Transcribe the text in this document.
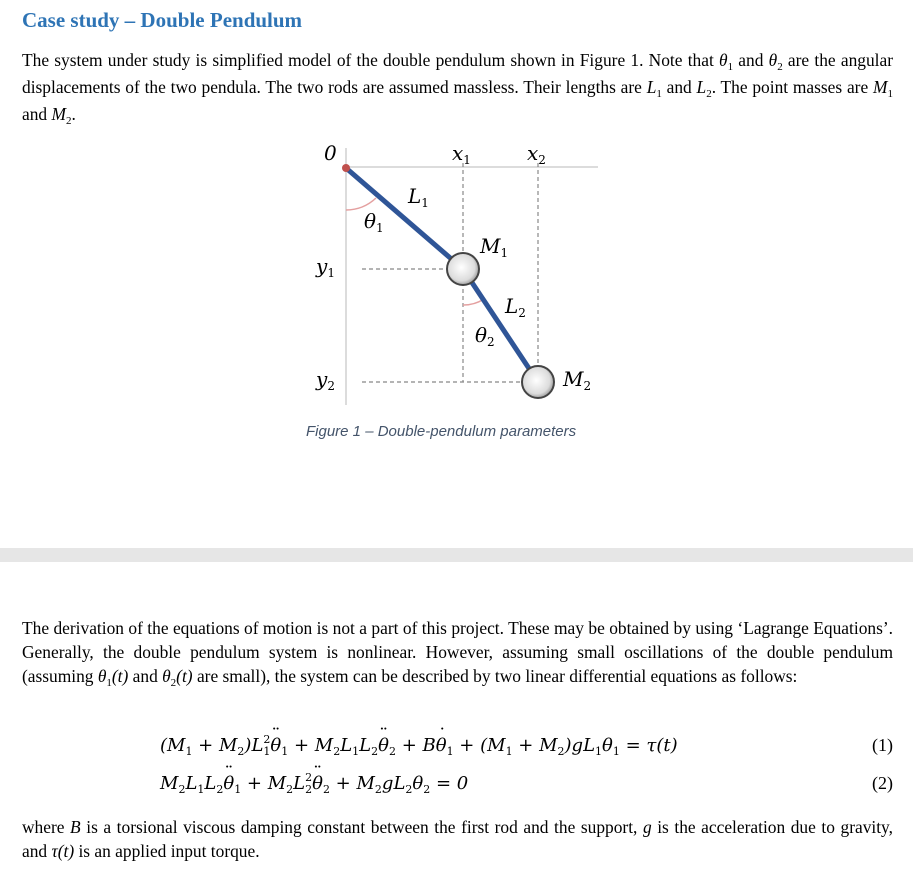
Case study – Double Pendulum

The system under study is simplified model of the double pendulum shown in Figure 1. Note that $\theta_1$ and $\theta_2$ are the angular displacements of the two pendula. The two rods are assumed massless. Their lengths are $L_1$ and $L_2$. The point masses are $M_1$ and $M_2$.

0	$x_1$	$x_2$
$L_1$
$\theta_1$
$M_1$
$y_1$
$L_2$
$\theta_2$
$y_2$	$M_2$
Figure 1 – Double-pendulum parameters

The derivation of the equations of motion is not a part of this project. These may be obtained by using ‘Lagrange Equations’. Generally, the double pendulum system is nonlinear. However, assuming small oscillations of the double pendulum (assuming $\theta_1(t)$ and $\theta_2(t)$ are small), the system can be described by two linear differential equations as follows:

($M_1$ + $M_2)L^2_1¨$ $\theta_1$ + $M_2L_1L_2¨$ $\theta_2$ + B˙ $\theta_1 + (M_1 + M_2)gL_1\theta_1 = \tau(t)$	(1)
$M_2L_1L_2¨$ $\theta_1$ + $M_2L^2_2¨$ $\theta_2 + M_2gL_2\theta_2 = 0$	(2)

where B is a torsional viscous damping constant between the first rod and the support, g is the acceleration due to gravity, and τ(t) is an applied input torque.
